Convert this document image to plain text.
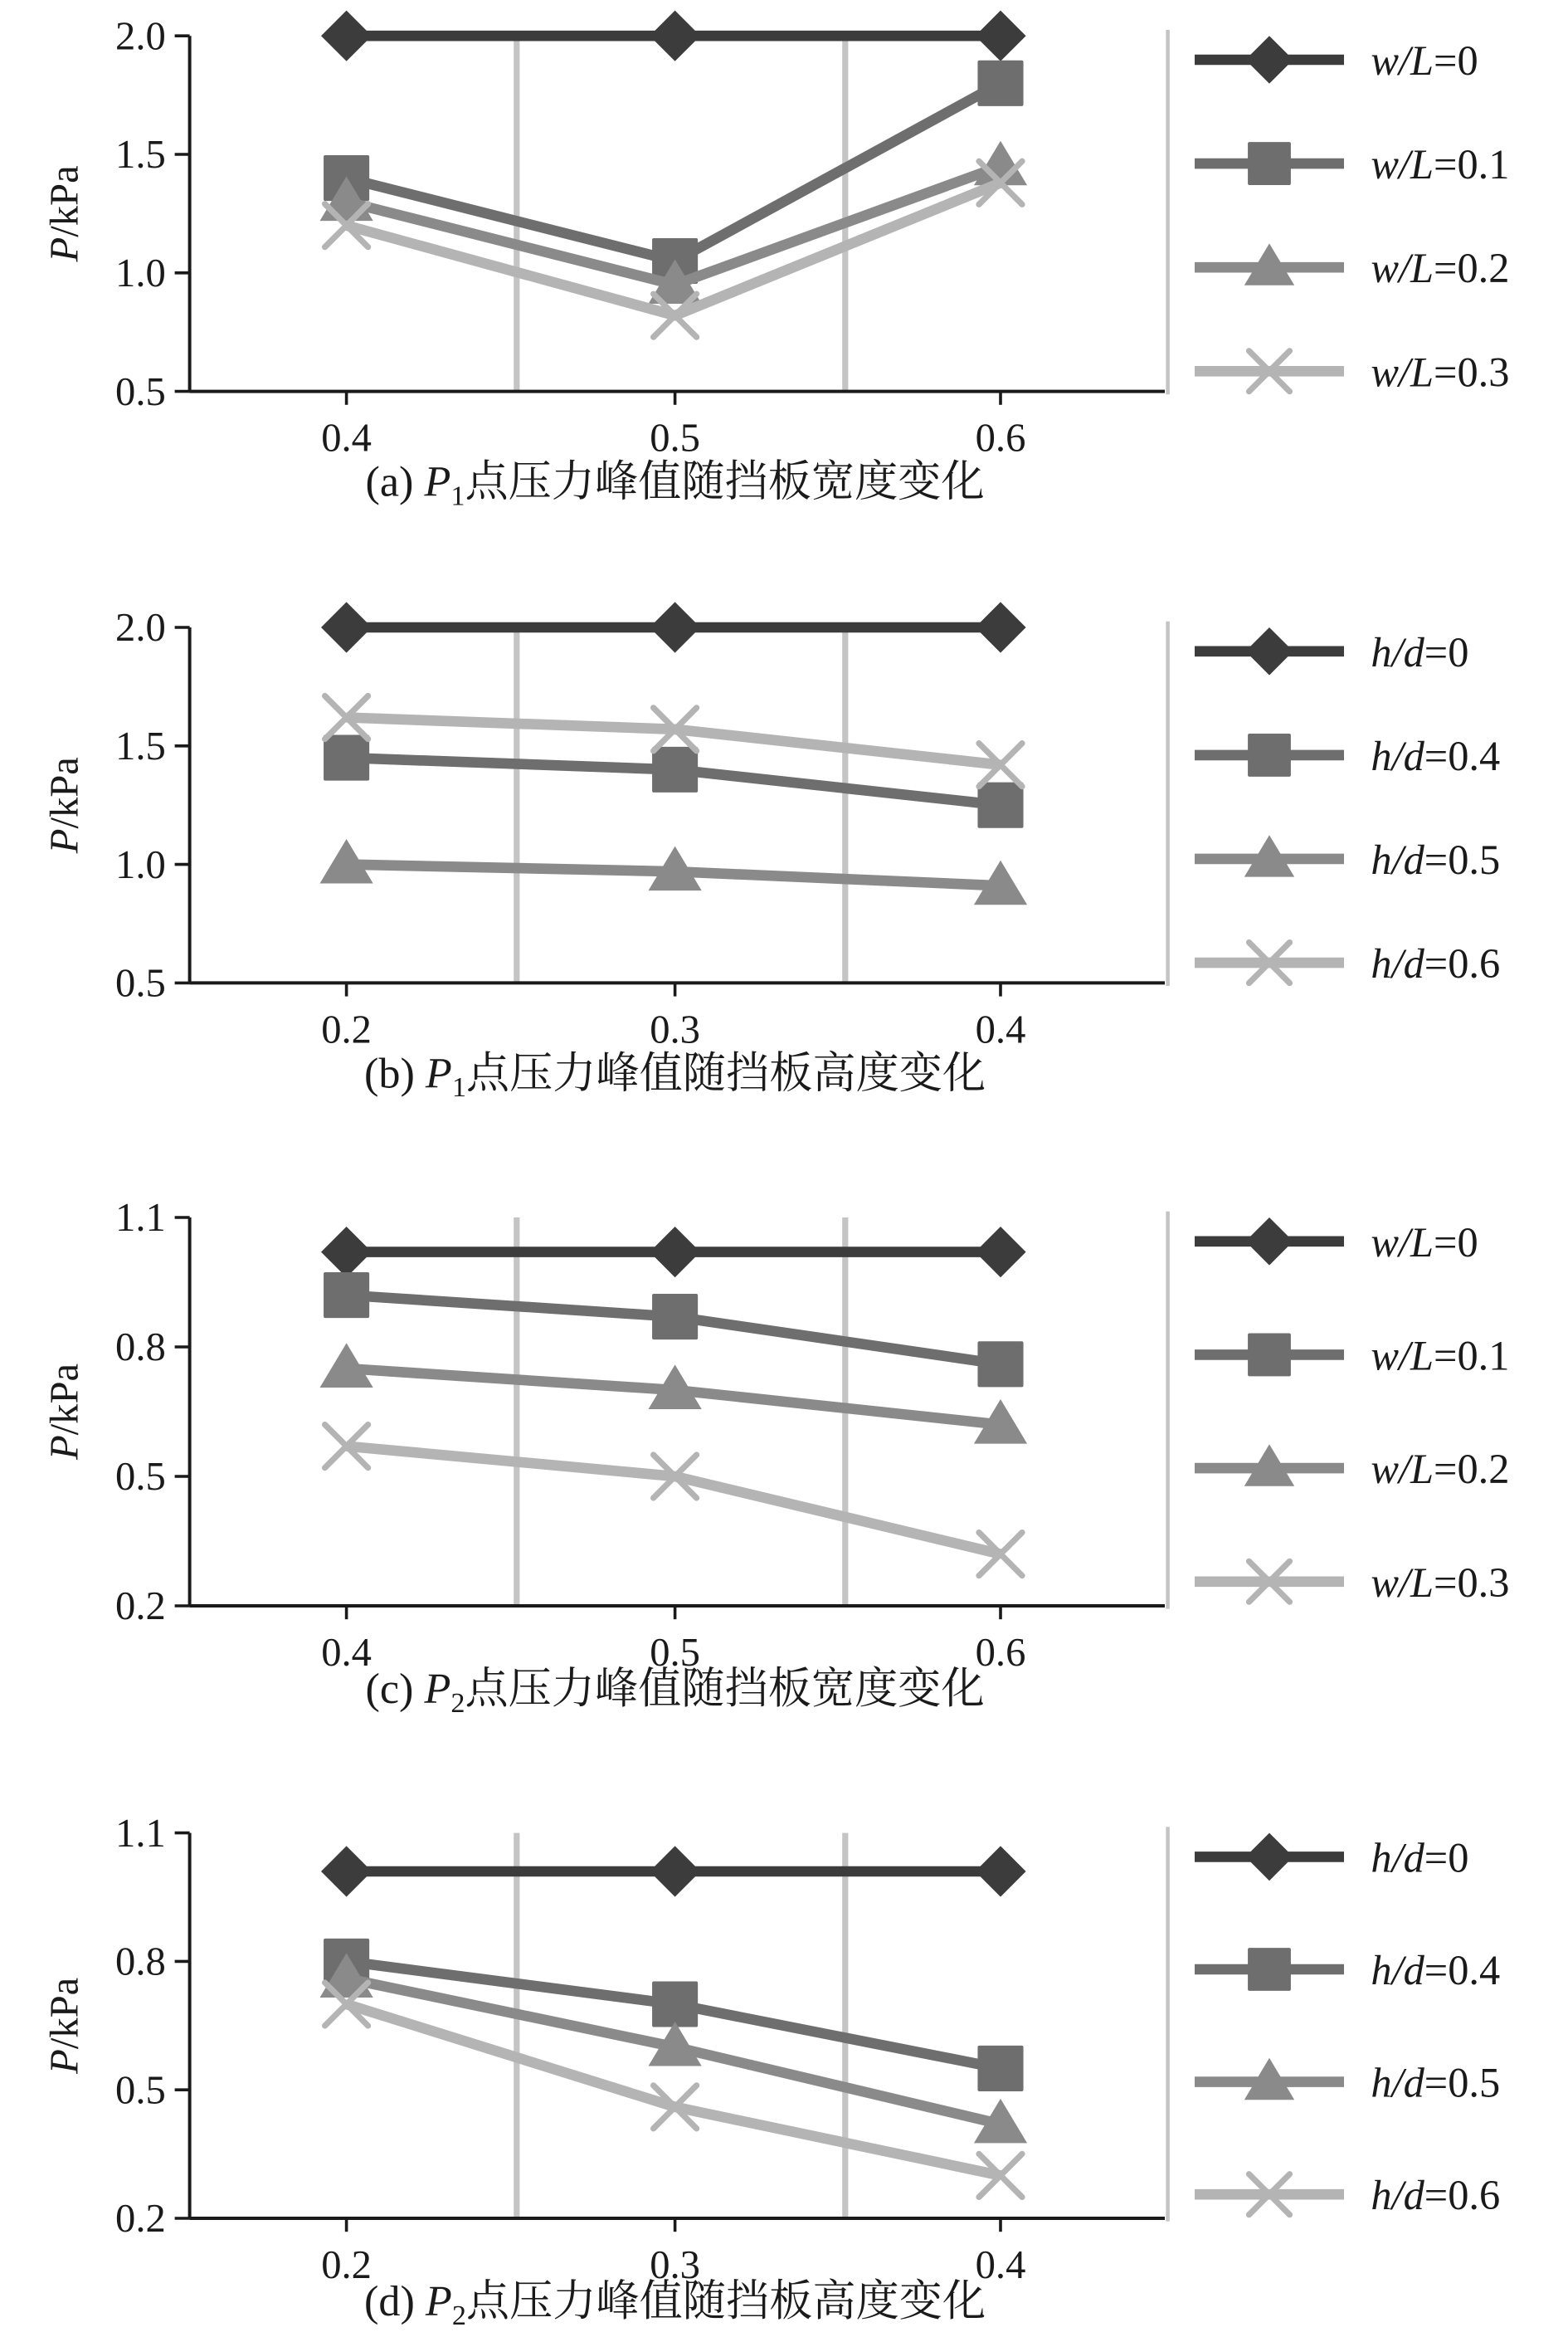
0.5
1.0
1.5
2.0
0.4	0.5	0.6
P/kPa
w/L=0
w/L=0.1
w/L=0.2
w/L=0.3
(a) $P_1$点压力峰值随挡板宽度变化
0.5
1.0
1.5
2.0
0.2	0.3	0.4
P/kPa
h/d=0
h/d=0.4
h/d=0.5
h/d=0.6
(b) $P_1$点压力峰值随挡板高度变化
0.2
0.5
0.8
1.1
0.4	0.5	0.6
P/kPa
w/L=0
w/L=0.1
w/L=0.2
w/L=0.3
(c) $P_2$点压力峰值随挡板宽度变化
0.2
0.5
0.8
1.1
0.2	0.3	0.4
P/kPa
h/d=0
h/d=0.4
h/d=0.5
h/d=0.6
(d) $P_2$点压力峰值随挡板高度变化
